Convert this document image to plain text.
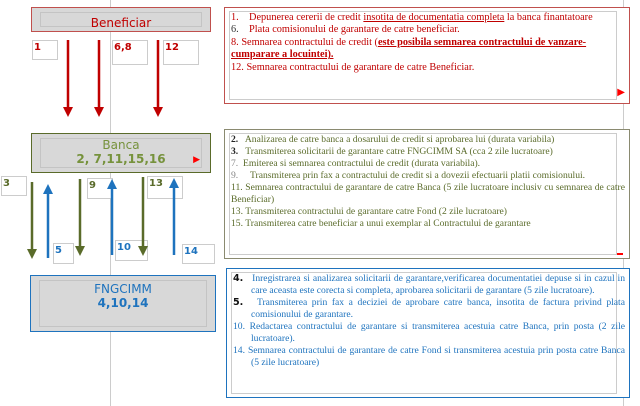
$_{Beneficiar}$
Banca
2, 7,11,15,16	▶
FNGCIMM
4,10,14
1	6,8	12
3	9	13
5	10	14

1. Depunerea cererii de credit insotita de documentatia completa la banca finantatoare

6. Plata comisionului de garantare de catre beneficiar.

8. Semnarea contractului de credit (este posibila semnarea contractului de vanzare-cumparare a locuintei).

12. Semnarea contractului de garantare de catre Beneficiar.

▶

2. Analizarea de catre banca a dosarului de credit si aprobarea lui (durata variabila)

3. Transmiterea solicitarii de garantare catre FNGCIMM SA (cca 2 zile lucratoare)

7. Emiterea si semnarea contractului de credit (durata variabila).

9. Transmiterea prin fax a contractului de credit si a dovezii efectuarii platii comisionului.

11. Semnarea contractului de garantare de catre Banca (5 zile lucratoare inclusiv cu semnarea de catre Beneficiar)

13. Transmiterea contractului de garantare catre Fond (2 zile lucratoare)

15. Transmiterea catre beneficiar a unui exemplar al Contractului de garantare

4. Inregistrarea si analizarea solicitarii de garantare,verificarea documentatiei depuse si in cazul in care aceasta este corecta si completa, aprobarea solicitarii de garantare (5 zile lucratoare).

5. Transmiterea prin fax a deciziei de aprobare catre banca, insotita de factura privind plata comisionului de garantare.

10. Redactarea contractului de garantare si transmiterea acestuia catre Banca, prin posta (2 zile lucratoare).

14. Semnarea contractului de garantare de catre Fond si transmiterea acestuia prin posta catre Banca (5 zile lucratoare)
